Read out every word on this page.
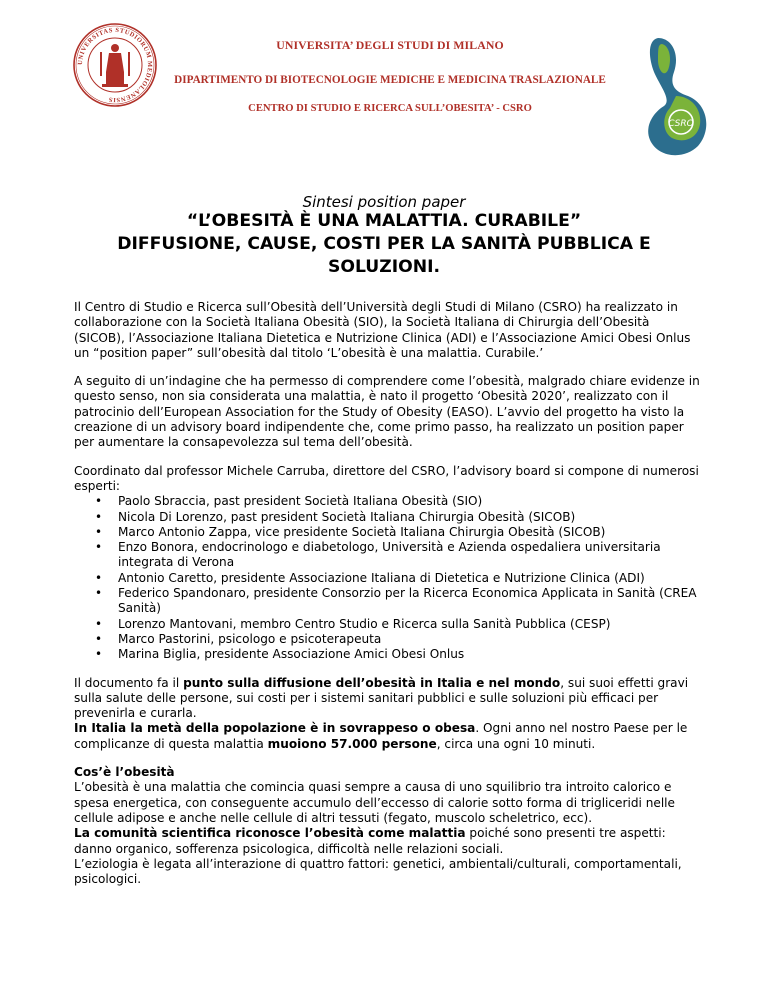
UNIVERSITAS STUDIORUM MEDIOLANENSIS
UNIVERSITA’ DEGLI STUDI DI MILANO
DIPARTIMENTO DI BIOTECNOLOGIE MEDICHE E MEDICINA TRASLAZIONALE
CENTRO DI STUDIO E RICERCA SULL’OBESITA’ - CSRO
CSRO
Sintesi position paper
“L’OBESITÀ È UNA MALATTIA. CURABILE”
DIFFUSIONE, CAUSE, COSTI PER LA SANITÀ PUBBLICA E SOLUZIONI.

Il Centro di Studio e Ricerca sull’Obesità dell’Università degli Studi di Milano (CSRO) ha realizzato in collaborazione con la Società Italiana Obesità (SIO), la Società Italiana di Chirurgia dell’Obesità (SICOB), l’Associazione Italiana Dietetica e Nutrizione Clinica (ADI) e l’Associazione Amici Obesi Onlus un “position paper” sull’obesità dal titolo ‘L’obesità è una malattia. Curabile.’

A seguito di un’indagine che ha permesso di comprendere come l’obesità, malgrado chiare evidenze in questo senso, non sia considerata una malattia, è nato il progetto ‘Obesità 2020’, realizzato con il patrocinio dell’European Association for the Study of Obesity (EASO). L’avvio del progetto ha visto la creazione di un advisory board indipendente che, come primo passo, ha realizzato un position paper per aumentare la consapevolezza sul tema dell’obesità.

Coordinato dal professor Michele Carruba, direttore del CSRO, l’advisory board si compone di numerosi esperti:

• Paolo Sbraccia, past president Società Italiana Obesità (SIO)
• Nicola Di Lorenzo, past president Società Italiana Chirurgia Obesità (SICOB)
• Marco Antonio Zappa, vice presidente Società Italiana Chirurgia Obesità (SICOB)
• Enzo Bonora, endocrinologo e diabetologo, Università e Azienda ospedaliera universitaria integrata di Verona
• Antonio Caretto, presidente Associazione Italiana di Dietetica e Nutrizione Clinica (ADI)
• Federico Spandonaro, presidente Consorzio per la Ricerca Economica Applicata in Sanità (CREA Sanità)
• Lorenzo Mantovani, membro Centro Studio e Ricerca sulla Sanità Pubblica (CESP)
• Marco Pastorini, psicologo e psicoterapeuta
• Marina Biglia, presidente Associazione Amici Obesi Onlus

Il documento fa il punto sulla diffusione dell’obesità in Italia e nel mondo, sui suoi effetti gravi sulla salute delle persone, sui costi per i sistemi sanitari pubblici e sulle soluzioni più efficaci per prevenirla e curarla.

In Italia la metà della popolazione è in sovrappeso o obesa. Ogni anno nel nostro Paese per le complicanze di questa malattia muoiono 57.000 persone, circa una ogni 10 minuti.

Cos’è l’obesità
L’obesità è una malattia che comincia quasi sempre a causa di uno squilibrio tra introito calorico e spesa energetica, con conseguente accumulo dell’eccesso di calorie sotto forma di trigliceridi nelle cellule adipose e anche nelle cellule di altri tessuti (fegato, muscolo scheletrico, ecc).
La comunità scientifica riconosce l’obesità come malattia poiché sono presenti tre aspetti: danno organico, sofferenza psicologica, difficoltà nelle relazioni sociali.
L’eziologia è legata all’interazione di quattro fattori: genetici, ambientali/culturali, comportamentali, psicologici.
